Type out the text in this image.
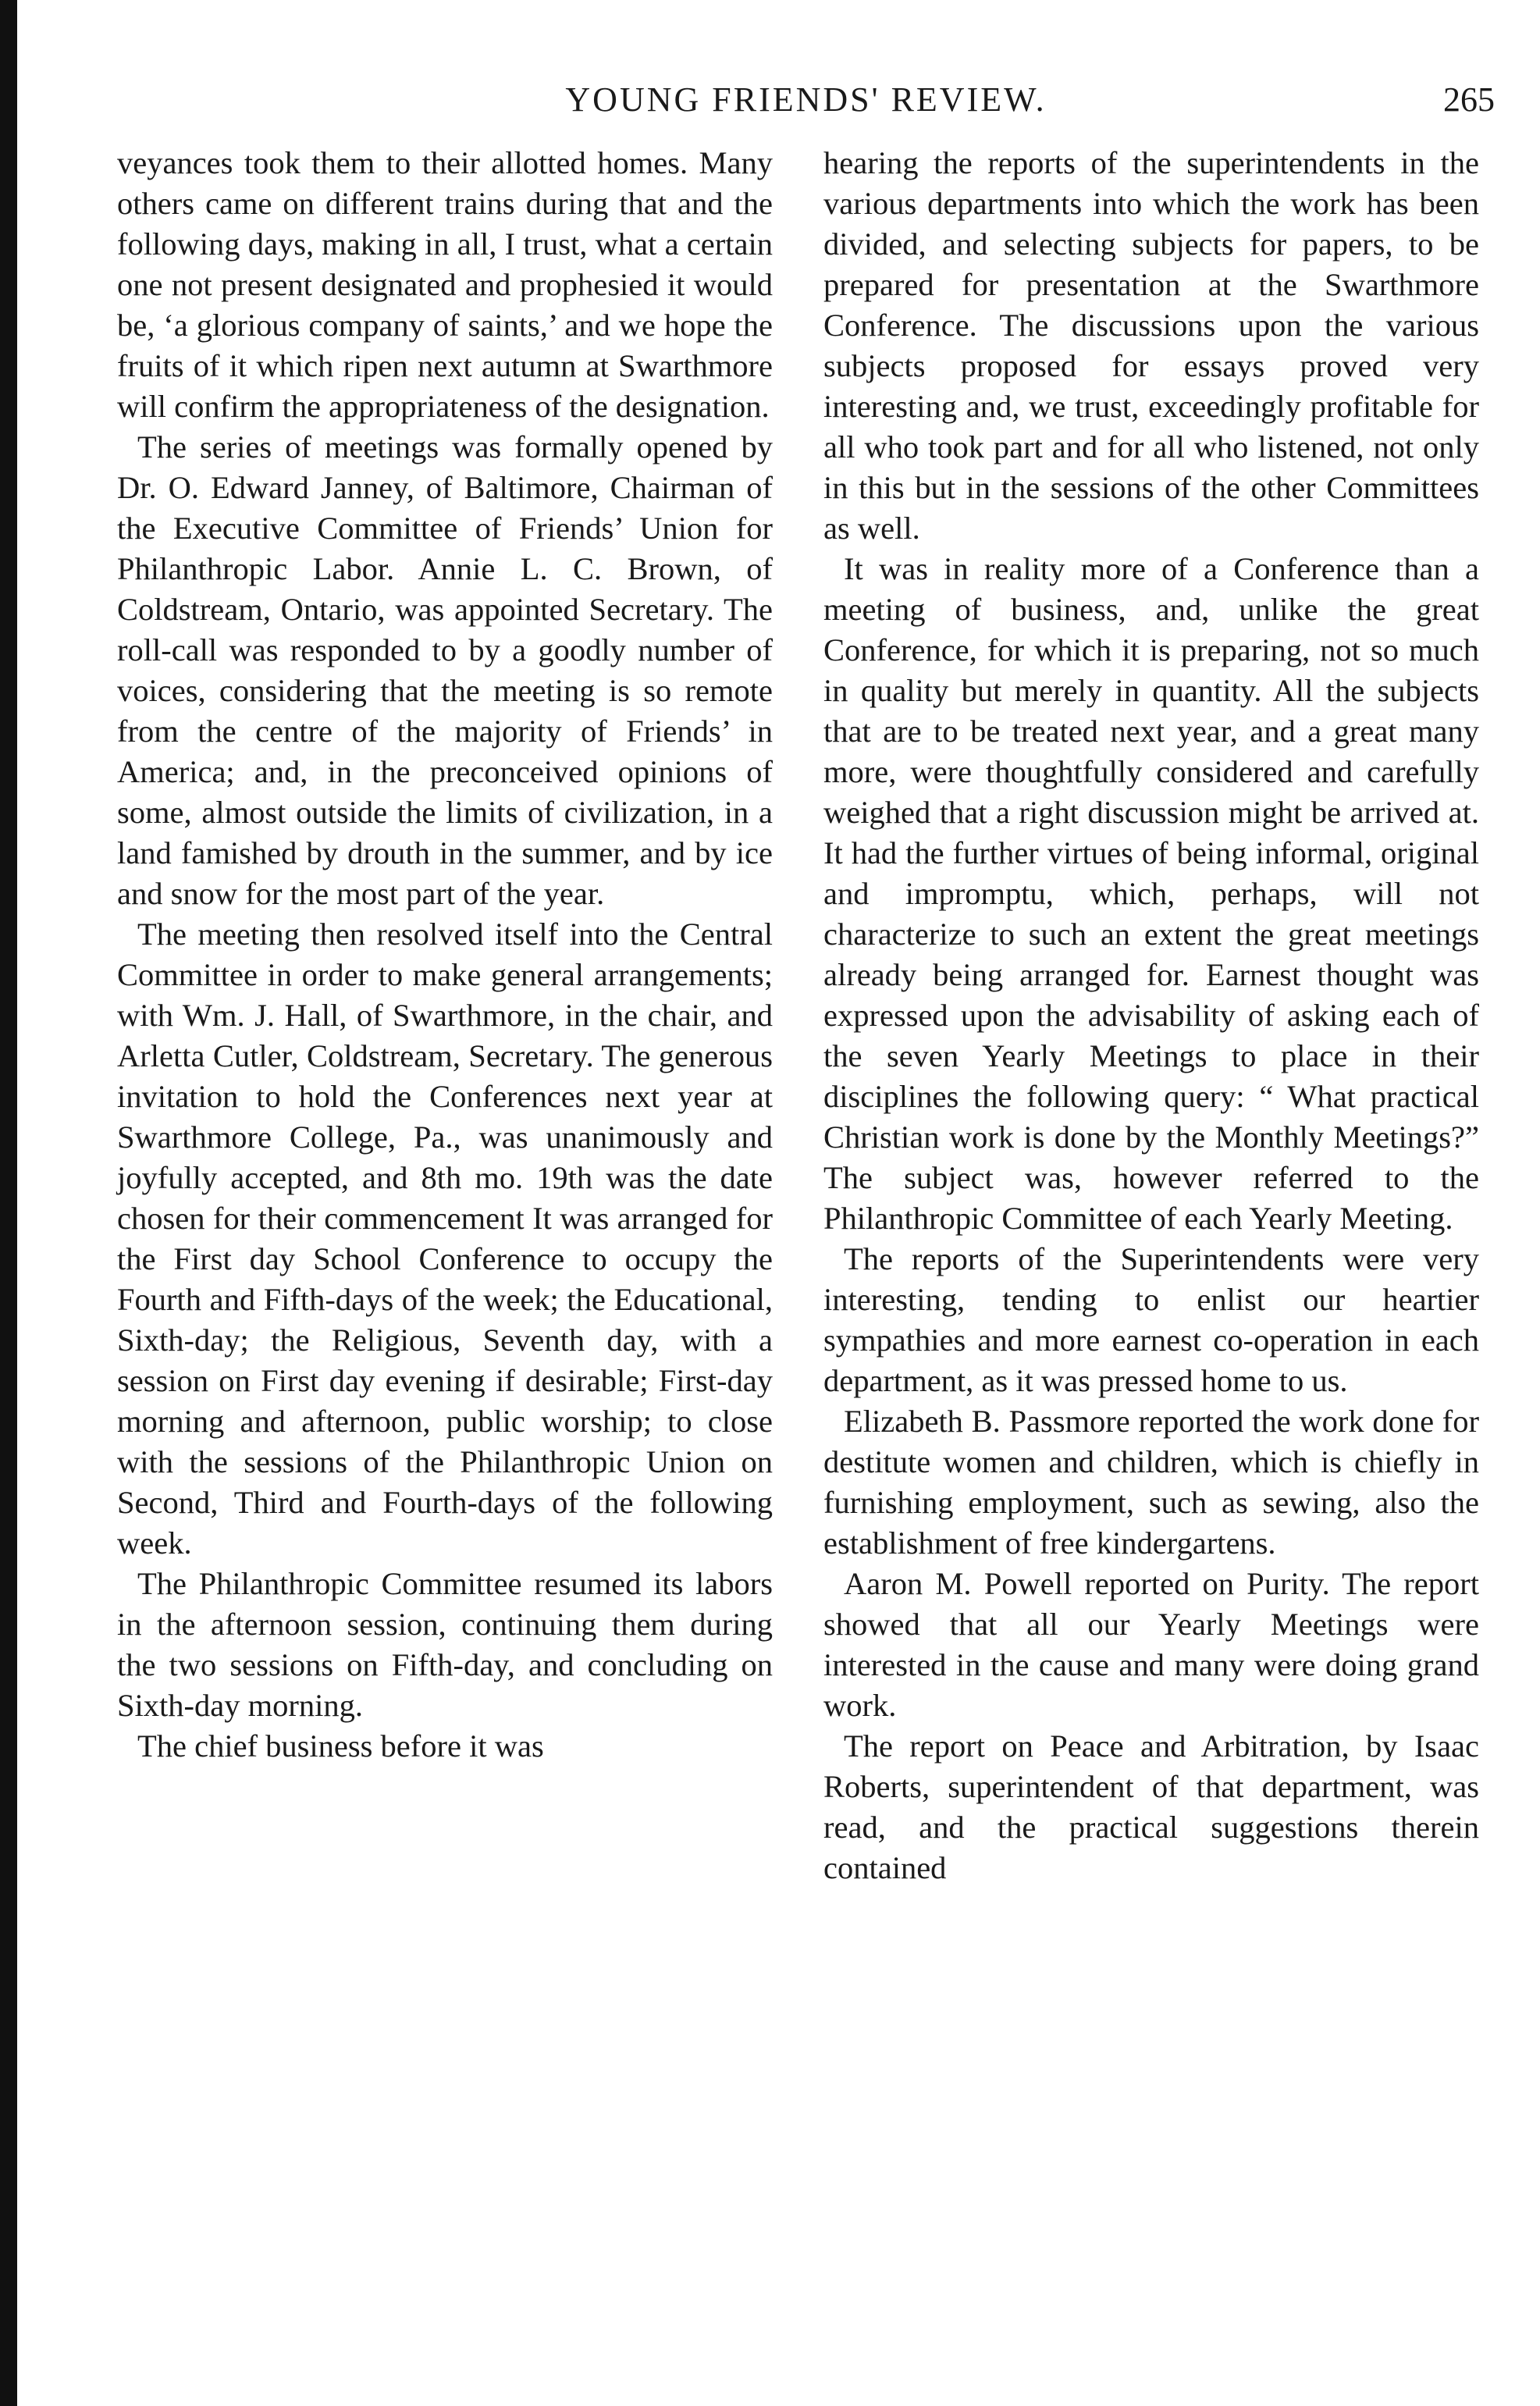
YOUNG FRIENDS' REVIEW.	265

veyances took them to their allotted homes. Many others came on different trains during that and the following days, making in all, I trust, what a certain one not present designated and prophesied it would be, ‘a glorious company of saints,’ and we hope the fruits of it which ripen next autumn at Swarthmore will confirm the appropriateness of the designation.

The series of meetings was formally opened by Dr. O. Edward Janney, of Baltimore, Chairman of the Executive Committee of Friends’ Union for Philanthropic Labor. Annie L. C. Brown, of Coldstream, Ontario, was appointed Secretary. The roll-call was responded to by a goodly number of voices, considering that the meeting is so remote from the centre of the majority of Friends’ in America; and, in the preconceived opinions of some, almost outside the limits of civilization, in a land famished by drouth in the summer, and by ice and snow for the most part of the year.

The meeting then resolved itself into the Central Committee in order to make general arrangements; with Wm. J. Hall, of Swarthmore, in the chair, and Arletta Cutler, Coldstream, Secretary. The generous invitation to hold the Conferences next year at Swarthmore College, Pa., was unanimously and joyfully accepted, and 8th mo. 19th was the date chosen for their commencement It was arranged for the First day School Conference to occupy the Fourth and Fifth-days of the week; the Educational, Sixth-day; the Religious, Seventh day, with a session on First day evening if desirable; First-day morning and afternoon, public worship; to close with the sessions of the Philanthropic Union on Second, Third and Fourth-days of the following week.

The Philanthropic Committee resumed its labors in the afternoon session, continuing them during the two sessions on Fifth-day, and concluding on Sixth-day morning.

The chief business before it was

hearing the reports of the superintendents in the various departments into which the work has been divided, and selecting subjects for papers, to be prepared for presentation at the Swarthmore Conference. The discussions upon the various subjects proposed for essays proved very interesting and, we trust, exceedingly profitable for all who took part and for all who listened, not only in this but in the sessions of the other Committees as well.

It was in reality more of a Conference than a meeting of business, and, unlike the great Conference, for which it is preparing, not so much in quality but merely in quantity. All the subjects that are to be treated next year, and a great many more, were thoughtfully considered and carefully weighed that a right discussion might be arrived at. It had the further virtues of being informal, original and impromptu, which, perhaps, will not characterize to such an extent the great meetings already being arranged for. Earnest thought was expressed upon the advisability of asking each of the seven Yearly Meetings to place in their disciplines the following query: “ What practical Christian work is done by the Monthly Meetings?” The subject was, however referred to the Philanthropic Committee of each Yearly Meeting.

The reports of the Superintendents were very interesting, tending to enlist our heartier sympathies and more earnest co-operation in each department, as it was pressed home to us.

Elizabeth B. Passmore reported the work done for destitute women and children, which is chiefly in furnishing employment, such as sewing, also the establishment of free kindergartens.

Aaron M. Powell reported on Purity. The report showed that all our Yearly Meetings were interested in the cause and many were doing grand work.

The report on Peace and Arbitration, by Isaac Roberts, superintendent of that department, was read, and the practical suggestions therein contained
